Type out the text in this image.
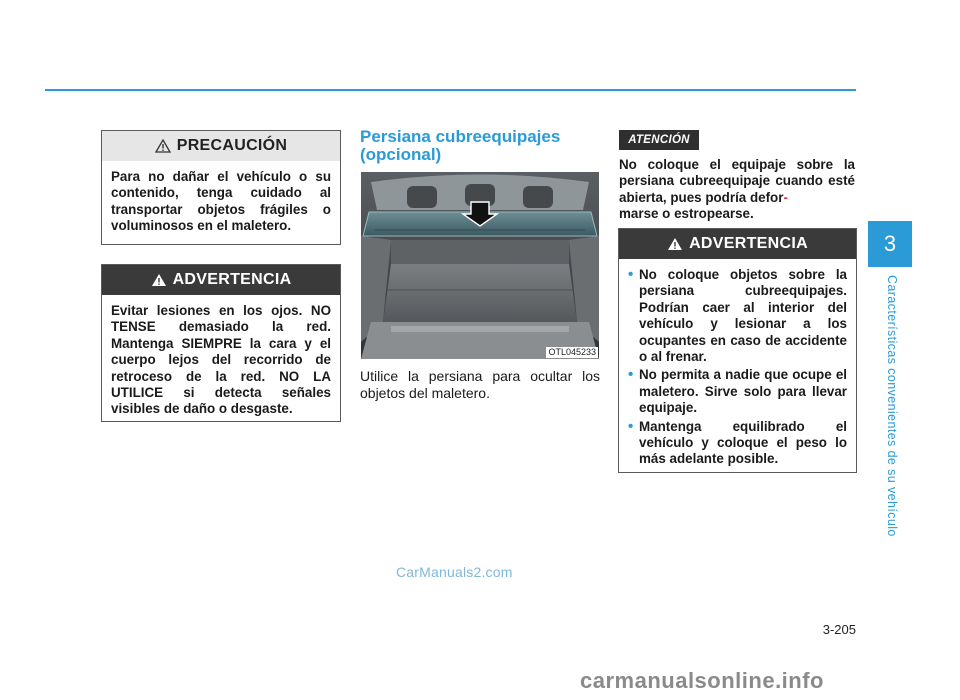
PRECAUCIÓN
Para no dañar el vehículo o su contenido, tenga cuidado al transportar objetos frágiles o voluminosos en el maletero.
ADVERTENCIA
Evitar lesiones en los ojos. NO TENSE demasiado la red. Mantenga SIEMPRE la cara y el cuerpo lejos del recorrido de retroceso de la red. NO LA UTILICE si detecta señales visibles de daño o desgaste.
Persiana cubreequipajes (opcional)
OTL045233
Utilice la persiana para ocultar los objetos del maletero.
ATENCIÓN
No coloque el equipaje sobre la persiana cubreequipaje cuando esté abierta, pues podría defor-
marse o estropearse.
ADVERTENCIA
• No coloque objetos sobre la persiana cubreequipajes. Podrían caer al interior del vehículo y lesionar a los ocupantes en caso de accidente o al frenar.
• No permita a nadie que ocupe el maletero. Sirve solo para llevar equipaje.
• Mantenga equilibrado el vehículo y coloque el peso lo más adelante posible.
3
Características convenientes de su vehículo
3-205
CarManuals2.com
carmanualsonline.info
